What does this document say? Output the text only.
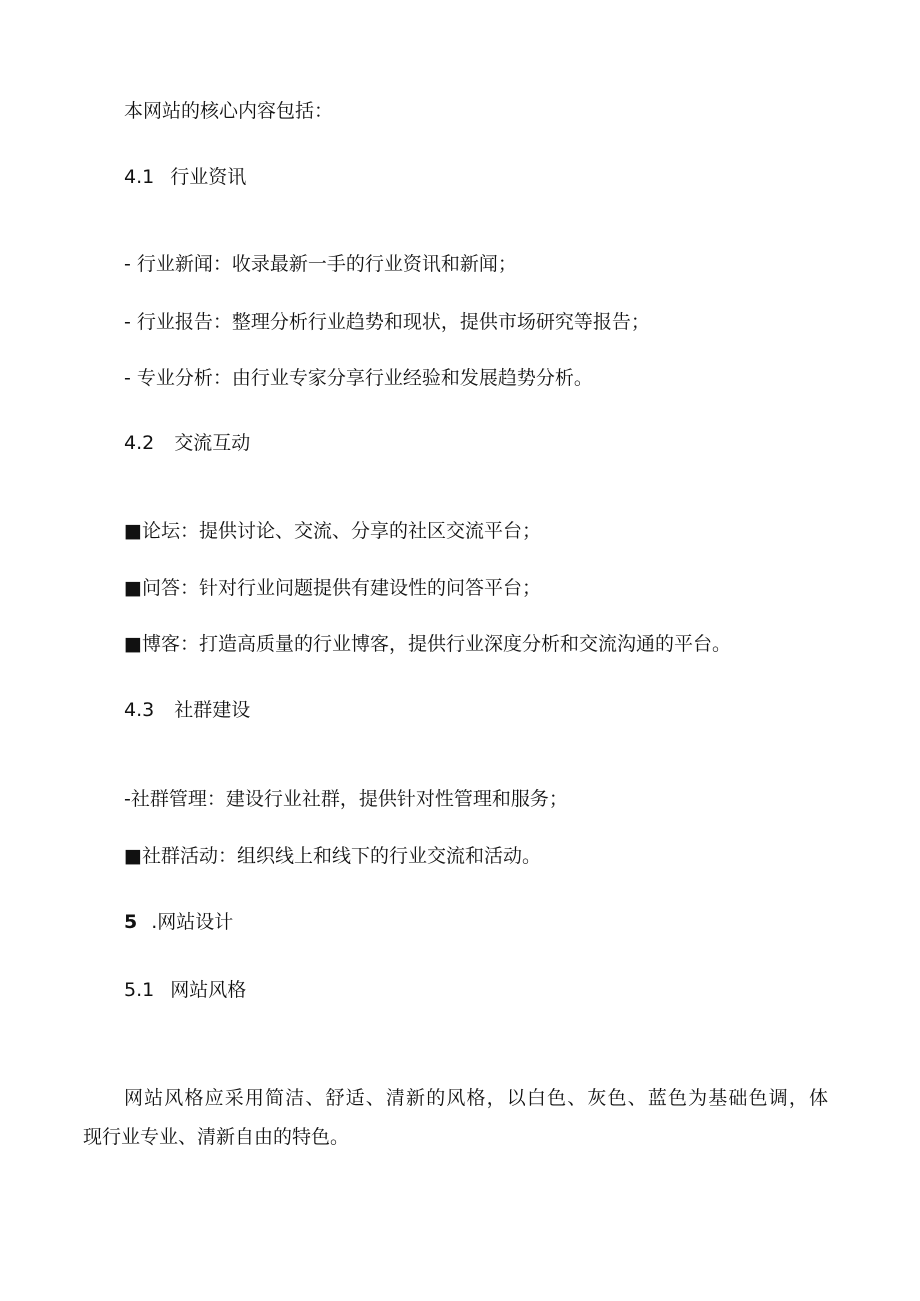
本网站的核心内容包括：

4.1 行业资讯

- 行业新闻：收录最新一手的行业资讯和新闻；

- 行业报告：整理分析行业趋势和现状，提供市场研究等报告；

- 专业分析：由行业专家分享行业经验和发展趋势分析。

4.2 交流互动

■论坛：提供讨论、交流、分享的社区交流平台；

■问答：针对行业问题提供有建设性的问答平台；

■博客：打造高质量的行业博客，提供行业深度分析和交流沟通的平台。

4.3 社群建设

-社群管理：建设行业社群，提供针对性管理和服务；

■社群活动：组织线上和线下的行业交流和活动。

5 .网站设计
5.1 网站风格

网站风格应采用简洁、舒适、清新的风格，以白色、灰色、蓝色为基础色调，体

现行业专业、清新自由的特色。
